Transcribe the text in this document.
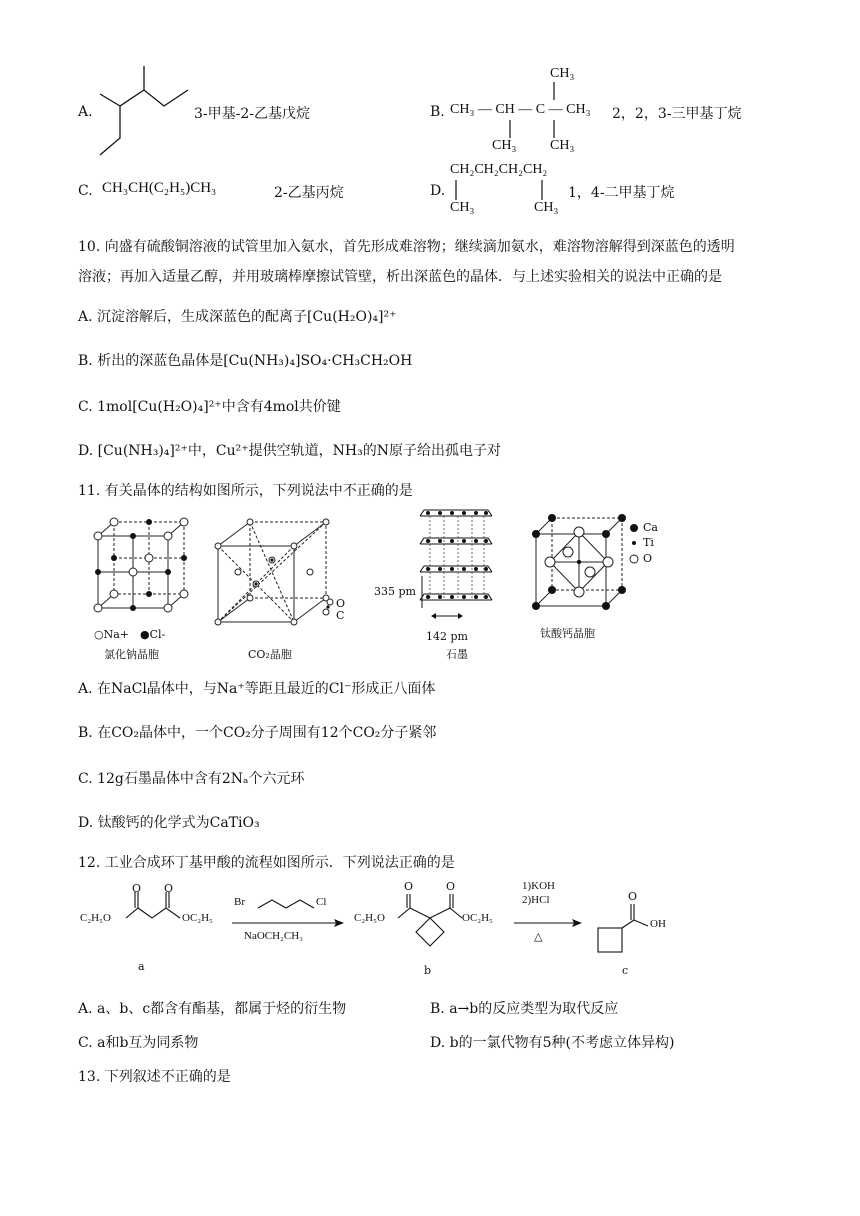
A.	3-甲基-2-乙基戊烷	B.
CH₃
CH₃ — CH — C — CH₃
CH₃ CH₃
2，2，3-三甲基丁烷
C. CH₃CH(C₂H₅)CH₃	2-乙基丙烷	D.
CH₂CH₂CH₂CH₂
CH₃	CH₃
1，4-二甲基丁烷
10. 向盛有硫酸铜溶液的试管里加入氨水，首先形成难溶物；继续滴加氨水，难溶物溶解得到深蓝色的透明
溶液；再加入适量乙醇，并用玻璃棒摩擦试管壁，析出深蓝色的晶体．与上述实验相关的说法中正确的是
A. 沉淀溶解后，生成深蓝色的配离子[Cu(H₂O)₄]²⁺
B. 析出的深蓝色晶体是[Cu(NH₃)₄]SO₄·CH₃CH₂OH
C. 1mol[Cu(H₂O)₄]²⁺中含有4mol共价键
D. [Cu(NH₃)₄]²⁺中，Cu²⁺提供空轨道，NH₃的N原子给出孤电子对
11. 有关晶体的结构如图所示，下列说法中不正确的是
○Na+ ●Cl-
氯化钠晶胞
O
C
CO₂晶胞
335 pm
142 pm
石墨
Ca
Ti
O
钛酸钙晶胞
A. 在NaCl晶体中，与Na⁺等距且最近的Cl⁻形成正八面体
B. 在CO₂晶体中，一个CO₂分子周围有12个CO₂分子紧邻
C. 12g石墨晶体中含有2Nₐ个六元环
D. 钛酸钙的化学式为CaTiO₃
12. 工业合成环丁基甲酸的流程如图所示．下列说法正确的是
O O
C₂H₅O	OC₂H₅
a
Br	Cl
NaOCH₂CH₃
O	O
C₂H₅O	OC₂H₅
b
1)KOH
2)HCl
△
O
OH
c
A. a、b、c都含有酯基，都属于烃的衍生物	B. a→b的反应类型为取代反应
C. a和b互为同系物	D. b的一氯代物有5种(不考虑立体异构)
13. 下列叙述不正确的是
